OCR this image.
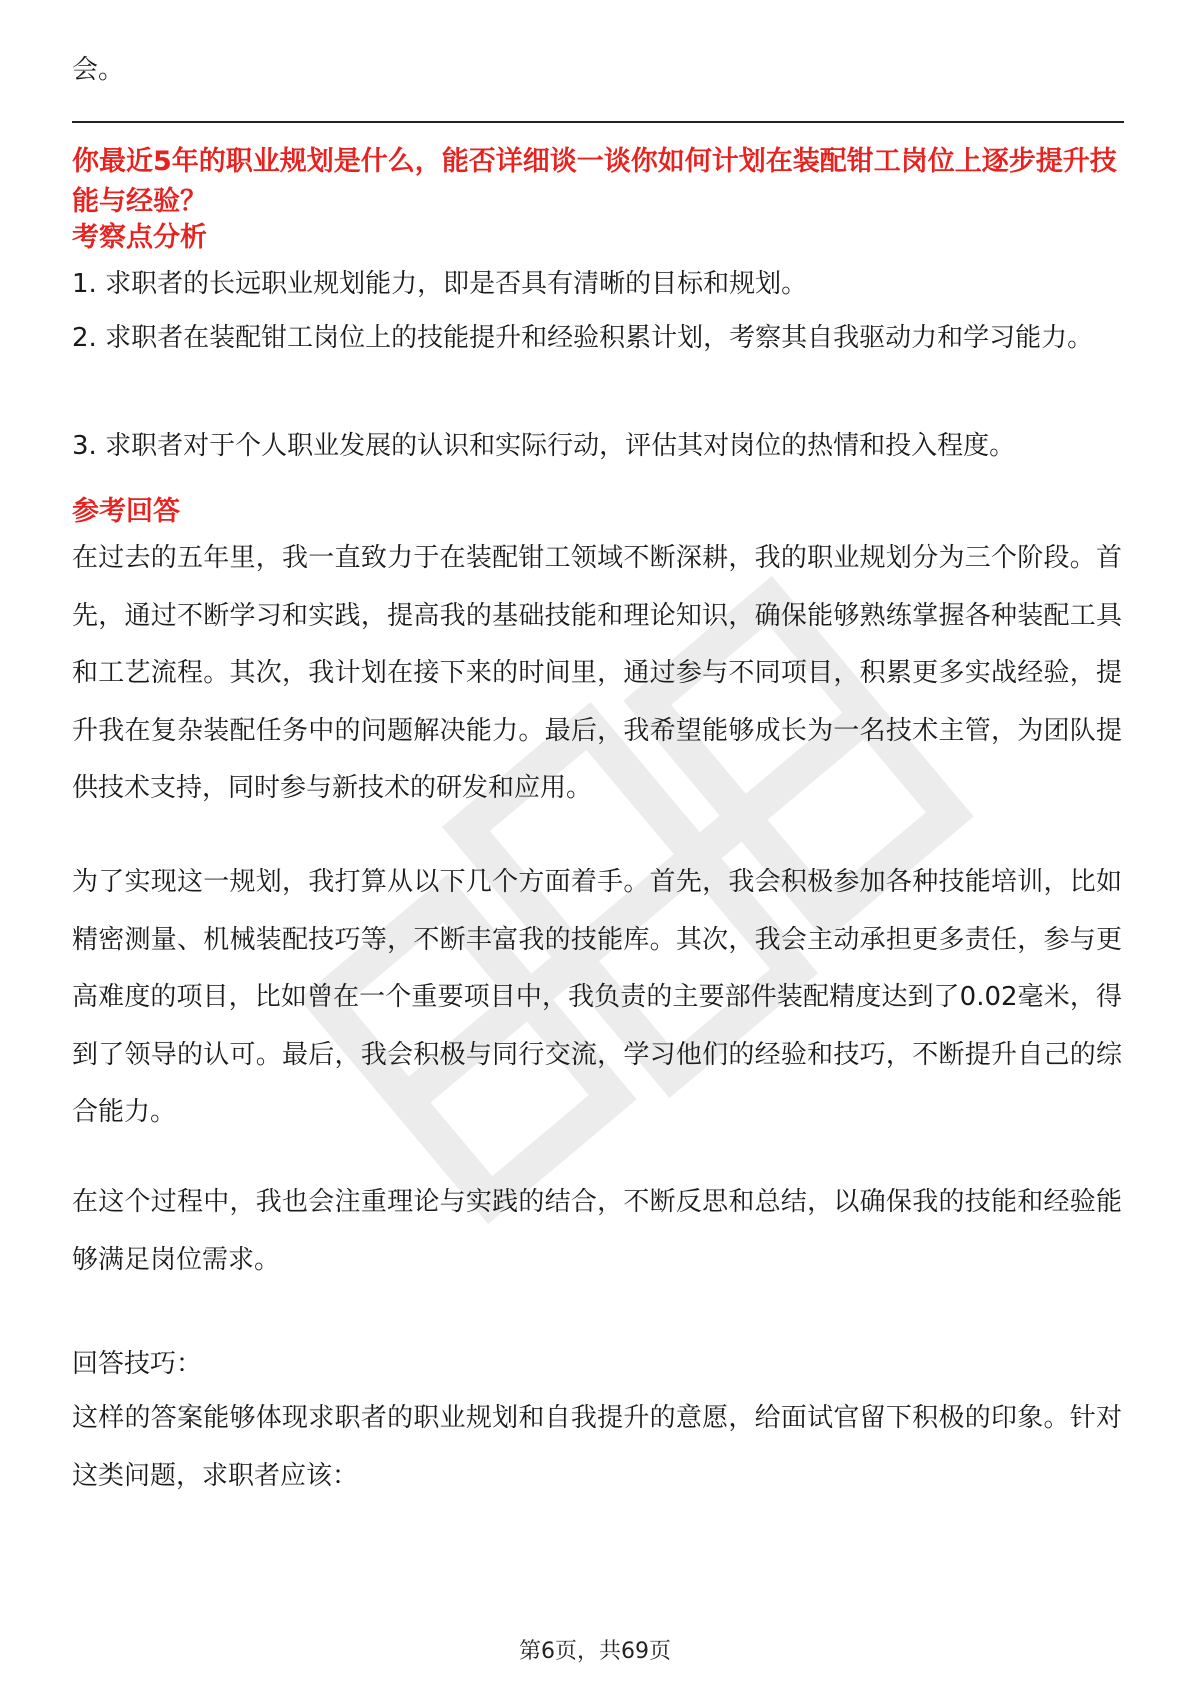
会。
你最近5年的职业规划是什么，能否详细谈一谈你如何计划在装配钳工岗位上逐步提升技能与经验？
考察点分析
1. 求职者的长远职业规划能力，即是否具有清晰的目标和规划。
2. 求职者在装配钳工岗位上的技能提升和经验积累计划，考察其自我驱动力和学习能力。
3. 求职者对于个人职业发展的认识和实际行动，评估其对岗位的热情和投入程度。
参考回答
在过去的五年里，我一直致力于在装配钳工领域不断深耕，我的职业规划分为三个阶段。首先，通过不断学习和实践，提高我的基础技能和理论知识，确保能够熟练掌握各种装配工具和工艺流程。其次，我计划在接下来的时间里，通过参与不同项目，积累更多实战经验，提升我在复杂装配任务中的问题解决能力。最后，我希望能够成长为一名技术主管，为团队提供技术支持，同时参与新技术的研发和应用。
为了实现这一规划，我打算从以下几个方面着手。首先，我会积极参加各种技能培训，比如精密测量、机械装配技巧等，不断丰富我的技能库。其次，我会主动承担更多责任，参与更高难度的项目，比如曾在一个重要项目中，我负责的主要部件装配精度达到了0.02毫米，得到了领导的认可。最后，我会积极与同行交流，学习他们的经验和技巧，不断提升自己的综合能力。
在这个过程中，我也会注重理论与实践的结合，不断反思和总结，以确保我的技能和经验能够满足岗位需求。
回答技巧：
这样的答案能够体现求职者的职业规划和自我提升的意愿，给面试官留下积极的印象。针对这类问题，求职者应该：
第6页，共69页
